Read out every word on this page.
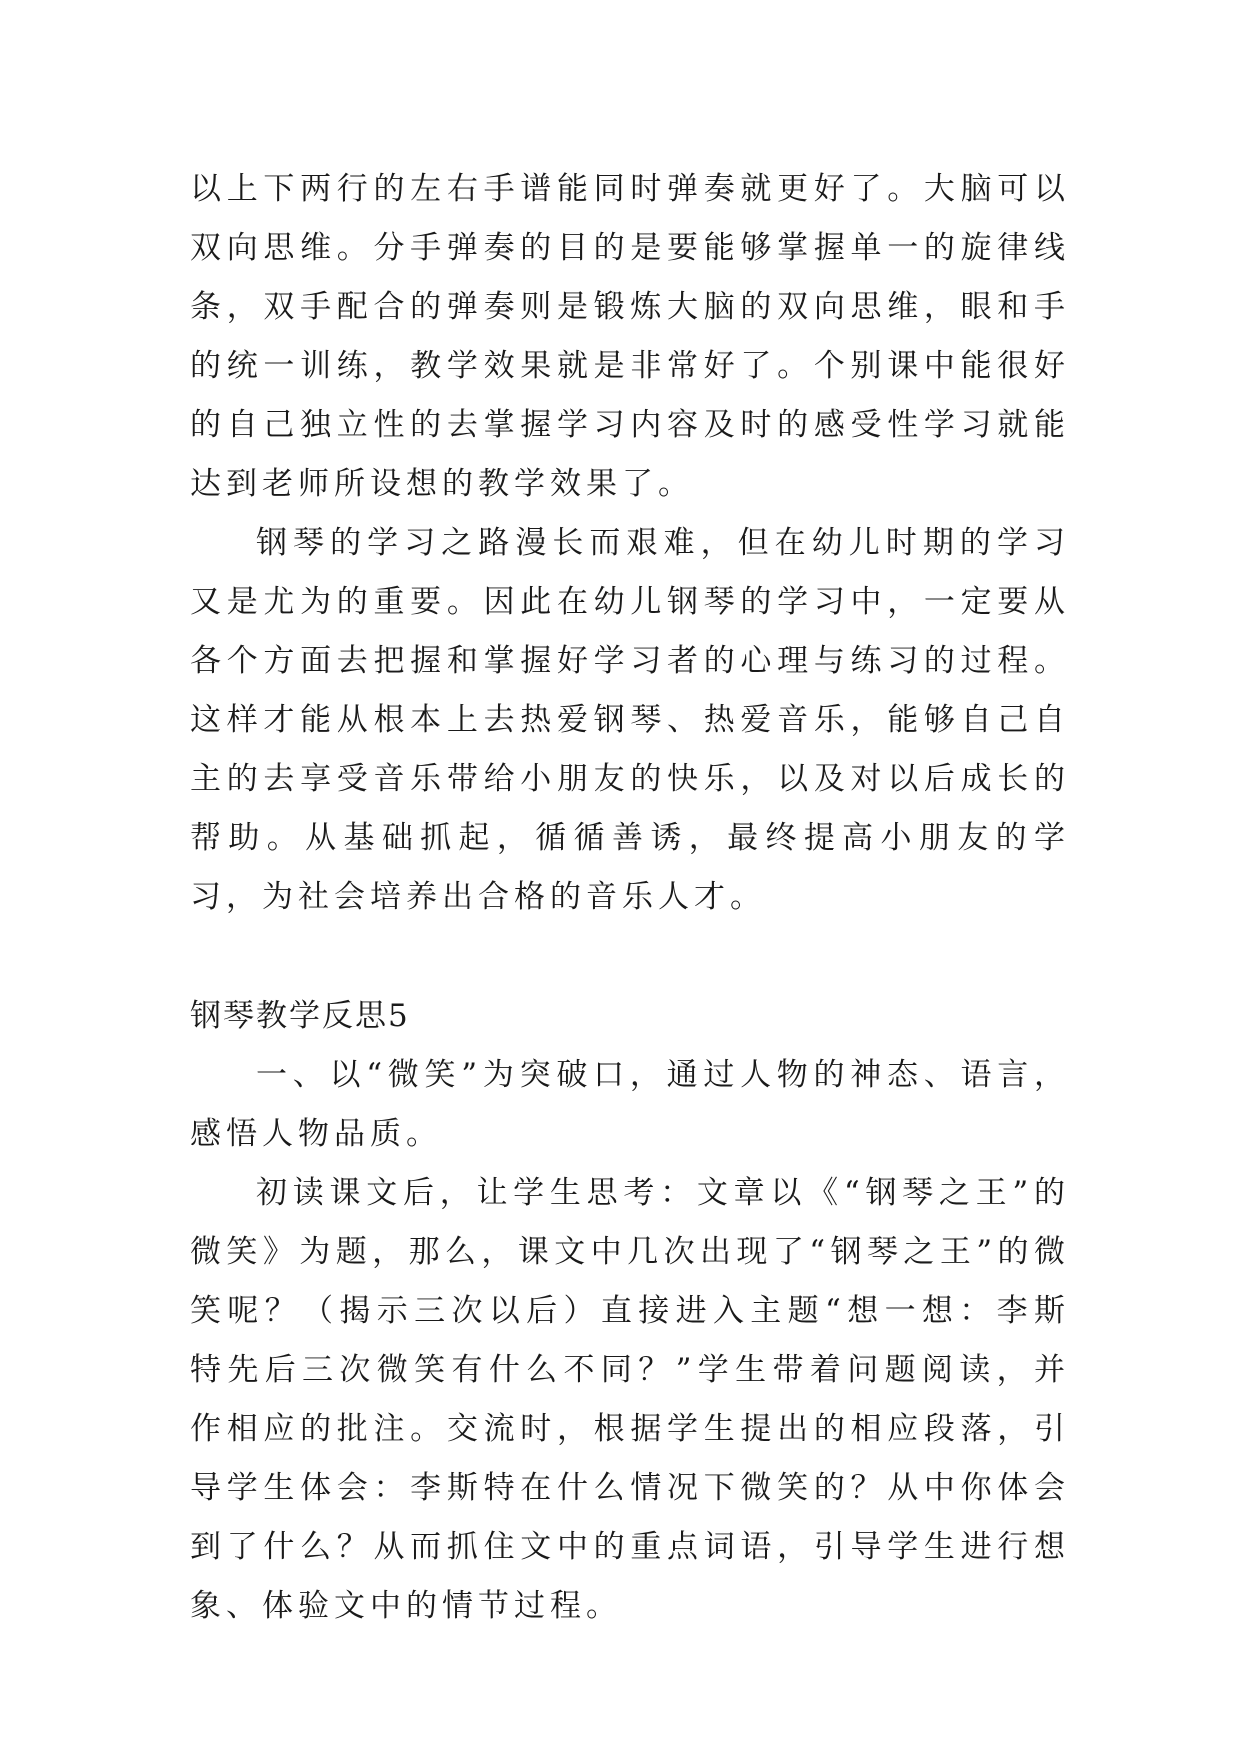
以上下两行的左右手谱能同时弹奏就更好了。大脑可以双向思维。分手弹奏的目的是要能够掌握单一的旋律线条，双手配合的弹奏则是锻炼大脑的双向思维，眼和手的统一训练，教学效果就是非常好了。个别课中能很好的自己独立性的去掌握学习内容及时的感受性学习就能达到老师所设想的教学效果了。

钢琴的学习之路漫长而艰难，但在幼儿时期的学习又是尤为的重要。因此在幼儿钢琴的学习中，一定要从各个方面去把握和掌握好学习者的心理与练习的过程。这样才能从根本上去热爱钢琴、热爱音乐，能够自己自主的去享受音乐带给小朋友的快乐，以及对以后成长的帮助。从基础抓起，循循善诱，最终提高小朋友的学习，为社会培养出合格的音乐人才。

钢琴教学反思5

一、以“微笑”为突破口，通过人物的神态、语言，感悟人物品质。

初读课文后，让学生思考：文章以《“钢琴之王”的微笑》为题，那么，课文中几次出现了“钢琴之王”的微笑呢？（揭示三次以后）直接进入主题“想一想：李斯特先后三次微笑有什么不同？”学生带着问题阅读，并作相应的批注。交流时，根据学生提出的相应段落，引导学生体会：李斯特在什么情况下微笑的？从中你体会到了什么？从而抓住文中的重点词语，引导学生进行想象、体验文中的情节过程。
